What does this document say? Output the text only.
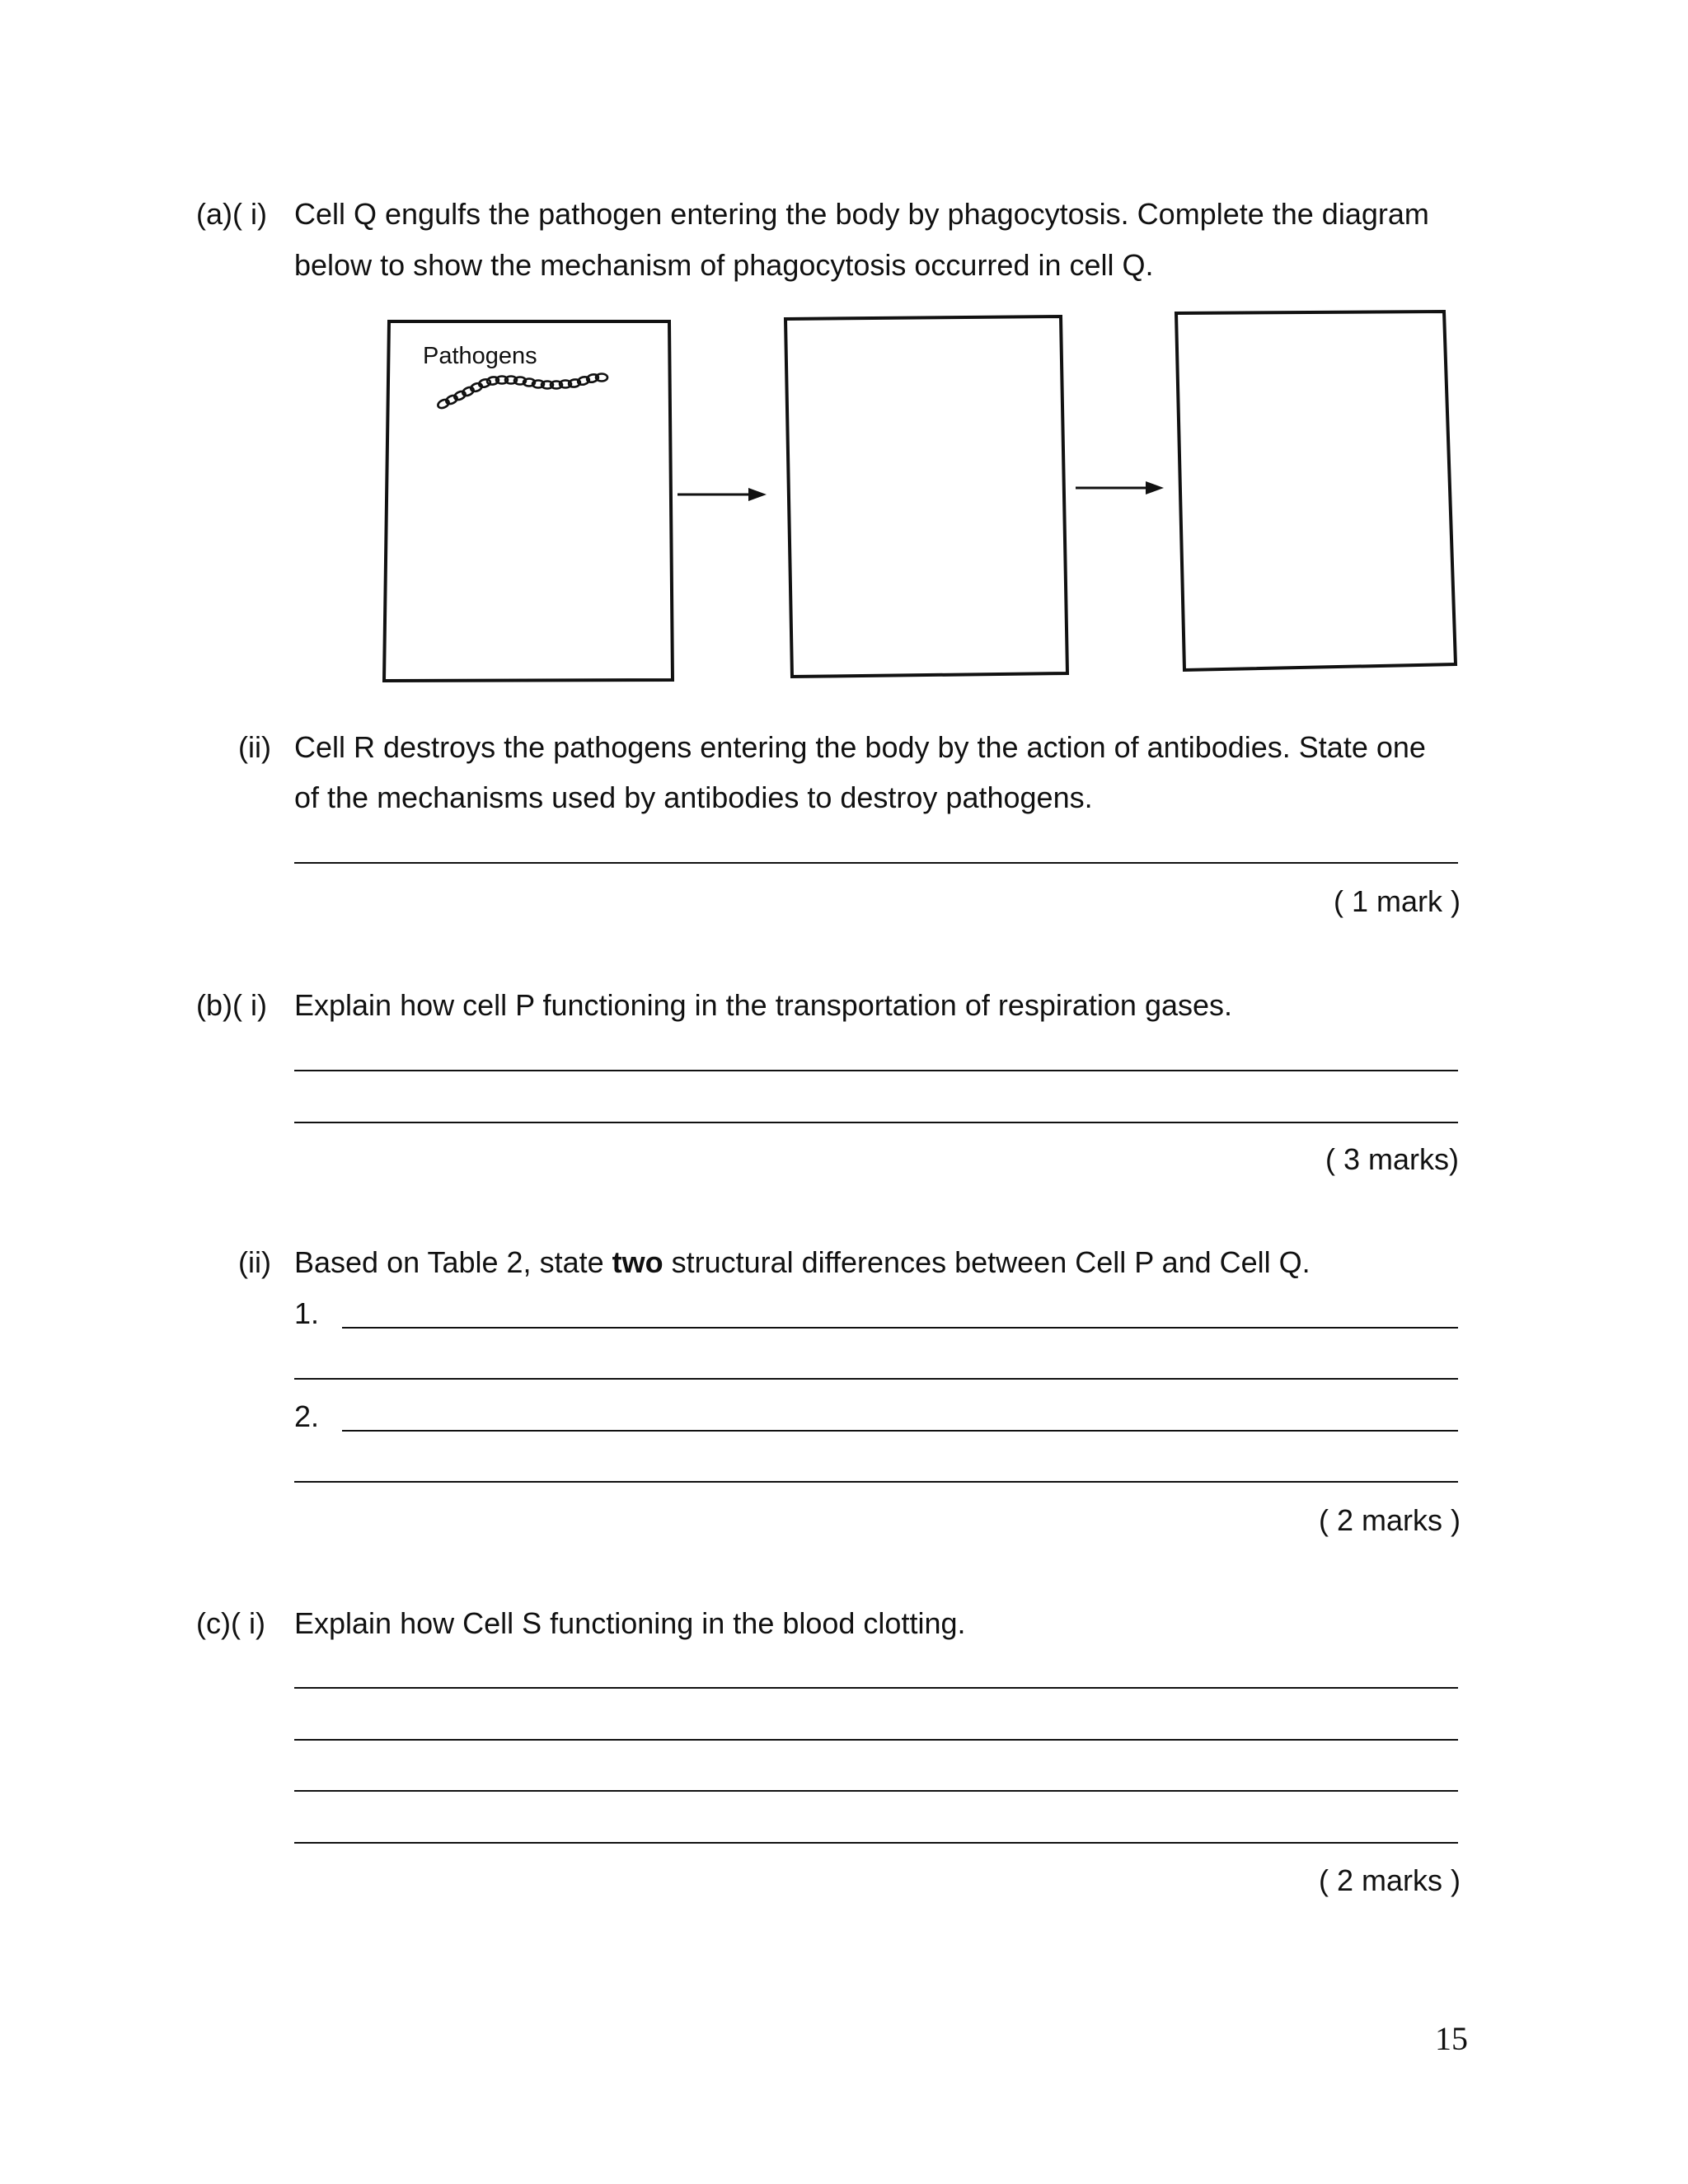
(a)( i) Cell Q engulfs the pathogen entering the body by phagocytosis. Complete the diagram
below to show the mechanism of phagocytosis occurred in cell Q.
Pathogens
(ii) Cell R destroys the pathogens entering the body by the action of antibodies. State one
of the mechanisms used by antibodies to destroy pathogens.
( 1 mark )
(b)( i) Explain how cell P functioning in the transportation of respiration gases.
( 3 marks)
(ii) Based on Table 2, state two structural differences between Cell P and Cell Q.
1.
2.
( 2 marks )
(c)( i) Explain how Cell S functioning in the blood clotting.
( 2 marks )
15
